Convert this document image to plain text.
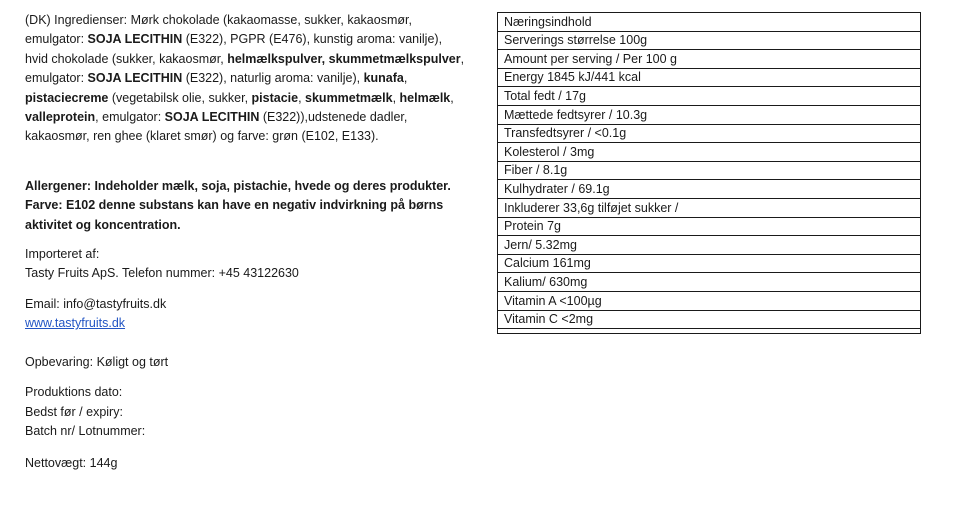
(DK) Ingredienser: Mørk chokolade (kakaomasse, sukker, kakaosmør, emulgator: SOJA LECITHIN (E322), PGPR (E476), kunstig aroma: vanilje), hvid chokolade (sukker, kakaosmør, helmælkspulver, skummetmælkspulver, emulgator: SOJA LECITHIN (E322), naturlig aroma: vanilje), kunafa, pistaciecreme (vegetabilsk olie, sukker, pistacie, skummetmælk, helmælk, valleprotein, emulgator: SOJA LECITHIN (E322)),udstenede dadler, kakaosmør, ren ghee (klaret smør) og farve: grøn (E102, E133).

Allergener: Indeholder mælk, soja, pistachie, hvede og deres produkter.
Farve: E102 denne substans kan have en negativ indvirkning på børns aktivitet og koncentration.

Importeret af:
Tasty Fruits ApS. Telefon nummer: +45 43122630

Email: info@tastyfruits.dk
www.tastyfruits.dk

Opbevaring: Køligt og tørt

Produktions dato:
Bedst før / expiry:
Batch nr/ Lotnummer:

Nettovægt: 144g

Næringsindhold
Serverings størrelse 100g
Amount per serving / Per 100 g
Energy 1845 kJ/441 kcal
Total fedt / 17g
Mættede fedtsyrer / 10.3g
Transfedtsyrer / <0.1g
Kolesterol / 3mg
Fiber / 8.1g
Kulhydrater / 69.1g
Inkluderer 33,6g tilføjet sukker /
Protein 7g
Jern/ 5.32mg
Calcium 161mg
Kalium/ 630mg
Vitamin A <100µg
Vitamin C <2mg
